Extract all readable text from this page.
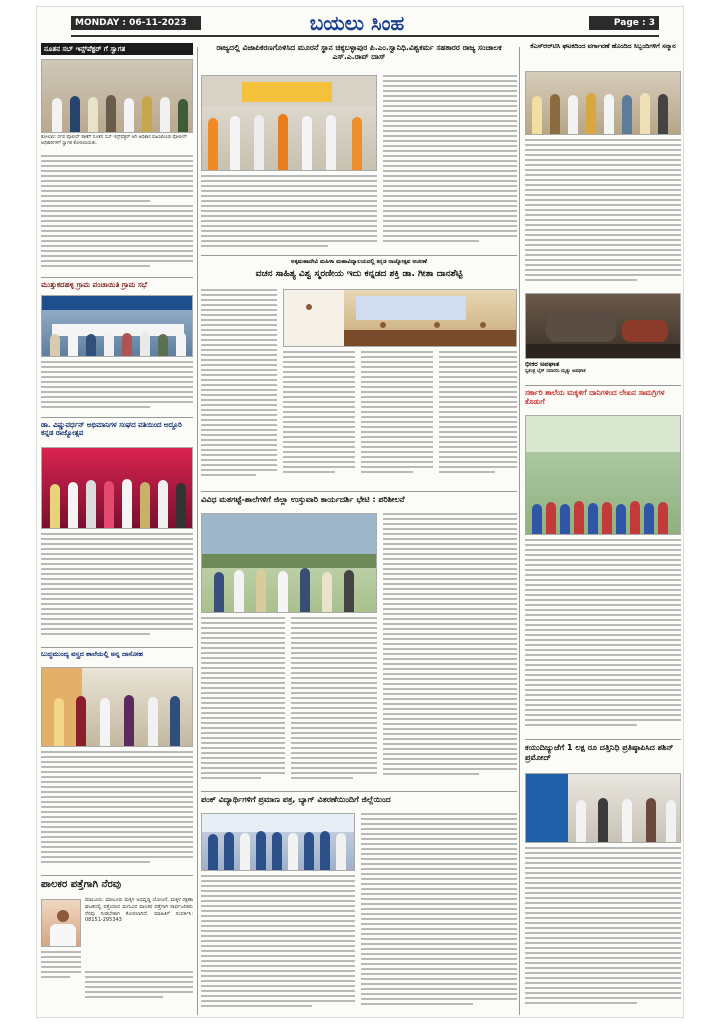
MONDAY : 06-11-2023	ಬಯಲು ಸಿಂಹ	Page : 3
ನೂತನ ಸಬ್ ಇನ್ಸ್‌ಪೆಕ್ಟರ್ ಗೆ ಸ್ವಾಗತ
ಕೋಲಾರ: ನಗರ ಪೊಲೀಸ್ ಠಾಣೆಗೆ ನೂತನ ಸಬ್ ಇನ್ಸ್‌ಪೆಕ್ಟರ್ ಆಗಿ ಅಧಿಕಾರ ವಹಿಸಿಕೊಂಡ ಪೋಲೀಸ್ ಅಧಿಕಾರಿಗಳಿಗೆ ಸ್ವಾಗತ ಕೋರಲಾಯಿತು.
ಮುತ್ತುಕದಹಳ್ಳಿ ಗ್ರಾಮ ಪಂಚಾಯಿತಿ ಗ್ರಾಮ ಸಭೆ
ಡಾ. ವಿಷ್ಣುವರ್ಧನ್ ಅಭಿಮಾನಿಗಳ ಸಂಘದ ವತಿಯಿಂದ ಅದ್ದೂರಿ ಕನ್ನಡ ರಾಜ್ಯೋತ್ಸವ
ಬುದ್ಧಮುಂದ್ಯ ವಸ್ತ್ರದ ಶಾಲೆಯಲ್ಲಿ ಅನ್ನ ದಾಸೋಹ
ಪಾಲಕರ ಪತ್ತೆಗಾಗಿ ನೆರವು
ಮಾಲೂರು: ಮಾಲೂರು ಮಕ್ಕಳ ಅಭಿವೃದ್ಧಿ ಯೋಜನೆ, ಮಕ್ಕಳ ರಕ್ಷಣಾ ಘಟಕದಲ್ಲಿ ಪತ್ತೆಯಾದ ಮಗುವಿನ ಪಾಲಕರ ಪತ್ತೆಗಾಗಿ ಸಾರ್ವಜನಿಕರು ನೆರವು ನೀಡಬೇಕಾಗಿ ಕೋರಲಾಗಿದೆ. ಮಾಹಿತಿಗೆ ಸಂಪರ್ಕಿಸಿ: 08151-295343
ರಾಜ್ಯದಲ್ಲಿ ವಿಜಾಪಿಕರಣಗೊಳಿಸಿದ ಮೂರನೆ ಸ್ಥಾನ ಚಿಕ್ಕಬಳ್ಳಾಪುರ ಪಿ.ಎಂ.ಸ್ವಾನಿಧಿ.ವಿಶ್ವಕರ್ಮ ಸಹಕಾರರ ರಾಜ್ಯ ಸಂಚಾಲಕ ಎಸ್.ಎ.ರಾವ್ ದಾಸ್
ಅಕ್ಕಮಹಾದೇವಿ ಮಹಿಳಾ ಮಹಾವಿದ್ಯಾಲಯದಲ್ಲಿ ಕನ್ನಡ ರಾಜ್ಯೋತ್ಸವ ಆಚರಣೆ
ವಚನ ಸಾಹಿತ್ಯ ವಿಶ್ವ ಸ್ಮರಣೀಯ ಇದು ಕನ್ನಡದ ಶಕ್ತಿ ಡಾ. ಗೀತಾ ದಾನಶೆಟ್ಟಿ
ವಿವಿಧ ಮತಗಟ್ಟೆ-ಶಾಲೆಗಳಿಗೆ ಜಿಲ್ಲಾ ಉಸ್ತುವಾರಿ ಕಾರ್ಯದರ್ಶಿ ಭೇಟಿ : ಪರಿಶೀಲನೆ
ಪಂಕ್ ವಿದ್ಯಾರ್ಥಿಗಳಿಗೆ ಪ್ರಮಾಣ ಪತ್ರ, ಬ್ಯಾಗ್ ವಿತರಣೆಯಿಂದಿಗೆ ಜಿಲ್ಲೆಯಿಂದ
ಕೆಎಸ್‌ಆರ್‌ಟಿಸಿ ಘಟಕದಿಂದ ವರ್ಗಾವಣೆ ಹೊಂದಿದ ಸಿಬ್ಬಂದಿಗಳಿಗೆ ಸನ್ಮಾನ
ಭೀಕರ ಅಪಘಾತ
ಸ್ವತಂತ್ರ ಬೈಕ್ ಸವಾರರು ಮೃತ್ಯು ಅಪಘಾತ
ಸರ್ಕಾರಿ ಶಾಲೆಯ ಮಕ್ಕಳಿಗೆ ದಾನಿಗಳಿಂದ ಲೇಖನ ಸಾಮಗ್ರಿಗಳ ಕೊಡುಗೆ
ಕಯುದಿಜ್ಯುಜೆಗೆ 1 ಲಕ್ಷ ರೂ ದತ್ತಿನಿಧಿ ಪ್ರತಿಷ್ಠಾಪಿಸಿದ ಶಶಿನ್ ಪ್ರಮೋದ್
